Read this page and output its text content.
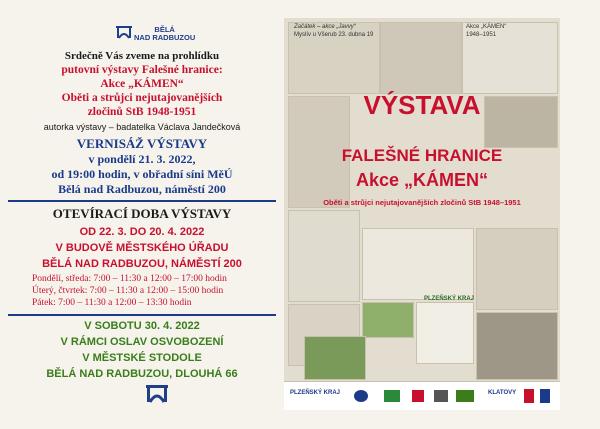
BĚLÁ
NAD RADBUZOU
Srdečně Vás zveme na prohlídku
putovní výstavy Falešné hranice:
Akce „KÁMEN“
Oběti a strůjci nejutajovanějších
zločinů StB 1948-1951
autorka výstavy – badatelka Václava Jandečková
VERNISÁŽ VÝSTAVY
v pondělí 21. 3. 2022,
od 19:00 hodin, v obřadní síni MěÚ
Bělá nad Radbuzou, náměstí 200
OTEVÍRACÍ DOBA VÝSTAVY
OD 22. 3. DO 20. 4. 2022
V BUDOVĚ MĚSTSKÉHO ÚŘADU
BĚLÁ NAD RADBUZOU, NÁMĚSTÍ 200
Pondělí, středa: 7:00 – 11:30 a 12:00 – 17:00 hodin
Úterý, čtvrtek: 7:00 – 11:30 a 12:00 – 15:00 hodin
Pátek: 7:00 – 11:30 a 12:00 – 13:30 hodin
V SOBOTU 30. 4. 2022
V RÁMCI OSLAV OSVOBOZENÍ
V MĚSTSKÉ STODOLE
BĚLÁ NAD RADBUZOU, DLOUHÁ 66
Začátek – akce „Javvy“
Myslív u Všerub 23. dubna 19
Akce „KÁMEN“
1948–1951
VÝSTAVA
FALEŠNÉ HRANICE
Akce „KÁMEN“
Oběti a strůjci nejutajovanějších zločinů StB 1948–1951
PLZEŇSKÝ KRAJ
PLZEŇSKÝ KRAJ	KLATOVY
